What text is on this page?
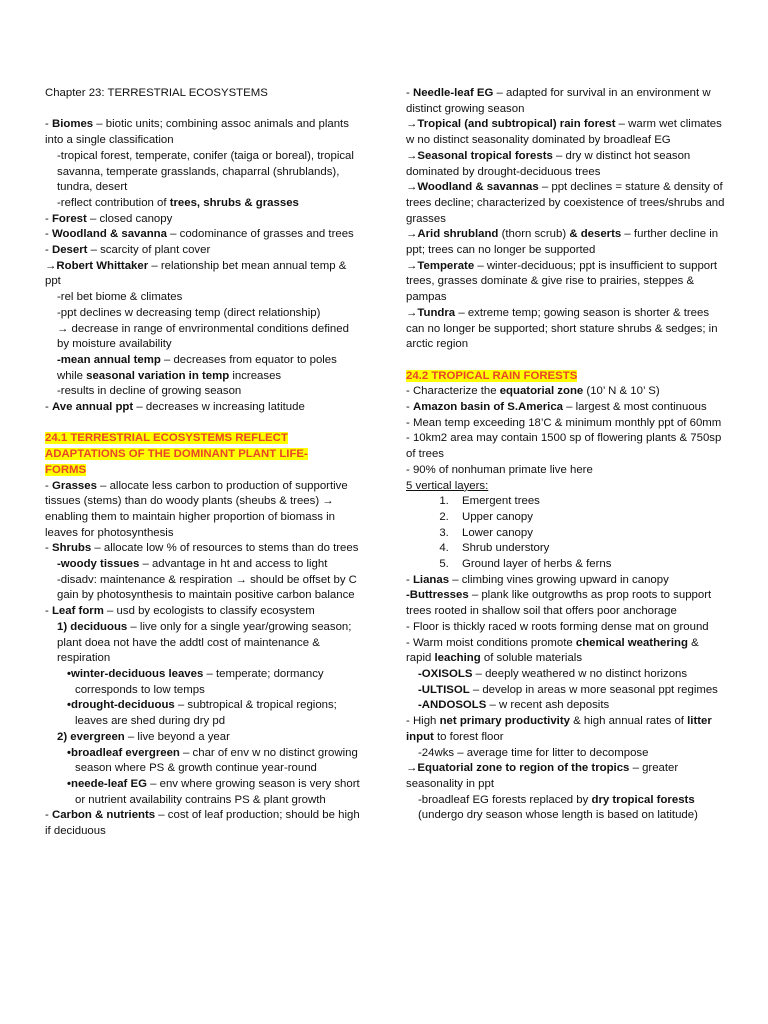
Chapter 23: TERRESTRIAL ECOSYSTEMS
- Biomes – biotic units; combining assoc animals and plants into a single classification
-tropical forest, temperate, conifer (taiga or boreal), tropical savanna, temperate grasslands, chaparral (shrublands), tundra, desert
-reflect contribution of trees, shrubs & grasses
- Forest – closed canopy
- Woodland & savanna – codominance of grasses and trees
- Desert – scarcity of plant cover
→Robert Whittaker – relationship bet mean annual temp & ppt
-rel bet biome & climates
-ppt declines w decreasing temp (direct relationship)
→ decrease in range of envrironmental conditions defined by moisture availability
-mean annual temp – decreases from equator to poles while seasonal variation in temp increases
-results in decline of growing season
- Ave annual ppt – decreases w increasing latitude
24.1 TERRESTRIAL ECOSYSTEMS REFLECT
ADAPTATIONS OF THE DOMINANT PLANT LIFE-
FORMS
- Grasses – allocate less carbon to production of supportive tissues (stems) than do woody plants (sheubs & trees) → enabling them to maintain higher proportion of biomass in leaves for photosynthesis
- Shrubs – allocate low % of resources to stems than do trees
-woody tissues – advantage in ht and access to light
-disadv: maintenance & respiration → should be offset by C gain by photosynthesis to maintain positive carbon balance
- Leaf form – usd by ecologists to classify ecosystem
1) deciduous – live only for a single year/growing season; plant doea not have the addtl cost of maintenance & respiration
•winter-deciduous leaves – temperate; dormancy corresponds to low temps
•drought-deciduous – subtropical & tropical regions; leaves are shed during dry pd
2) evergreen – live beyond a year
•broadleaf evergreen – char of env w no distinct growing season where PS & growth continue year-round
•neede-leaf EG – env where growing season is very short or nutrient availability contrains PS & plant growth
- Carbon & nutrients – cost of leaf production; should be high if deciduous
- Needle-leaf EG – adapted for survival in an environment w distinct growing season
→Tropical (and subtropical) rain forest – warm wet climates w no distinct seasonality dominated by broadleaf EG
→Seasonal tropical forests – dry w distinct hot season dominated by drought-deciduous trees
→Woodland & savannas – ppt declines = stature & density of trees decline; characterized by coexistence of trees/shrubs and grasses
→Arid shrubland (thorn scrub) & deserts – further decline in ppt; trees can no longer be supported
→Temperate – winter-deciduous; ppt is insufficient to support trees, grasses dominate & give rise to prairies, steppes & pampas
→Tundra – extreme temp; gowing season is shorter & trees can no longer be supported; short stature shrubs & sedges; in arctic region
24.2 TROPICAL RAIN FORESTS
- Characterize the equatorial zone (10’ N & 10’ S)
- Amazon basin of S.America – largest & most continuous
- Mean temp exceeding 18’C & minimum monthly ppt of 60mm
- 10km2 area may contain 1500 sp of flowering plants & 750sp of trees
- 90% of nonhuman primate live here
5 vertical layers:
1. Emergent trees
2. Upper canopy
3. Lower canopy
4. Shrub understory
5. Ground layer of herbs & ferns
- Lianas – climbing vines growing upward in canopy
-Buttresses – plank like outgrowths as prop roots to support trees rooted in shallow soil that offers poor anchorage
- Floor is thickly raced w roots forming dense mat on ground
- Warm moist conditions promote chemical weathering & rapid leaching of soluble materials
-OXISOLS – deeply weathered w no distinct horizons
-ULTISOL – develop in areas w more seasonal ppt regimes
-ANDOSOLS – w recent ash deposits
- High net primary productivity & high annual rates of litter input to forest floor
-24wks – average time for litter to decompose
→Equatorial zone to region of the tropics – greater seasonality in ppt
-broadleaf EG forests replaced by dry tropical forests (undergo dry season whose length is based on latitude)
